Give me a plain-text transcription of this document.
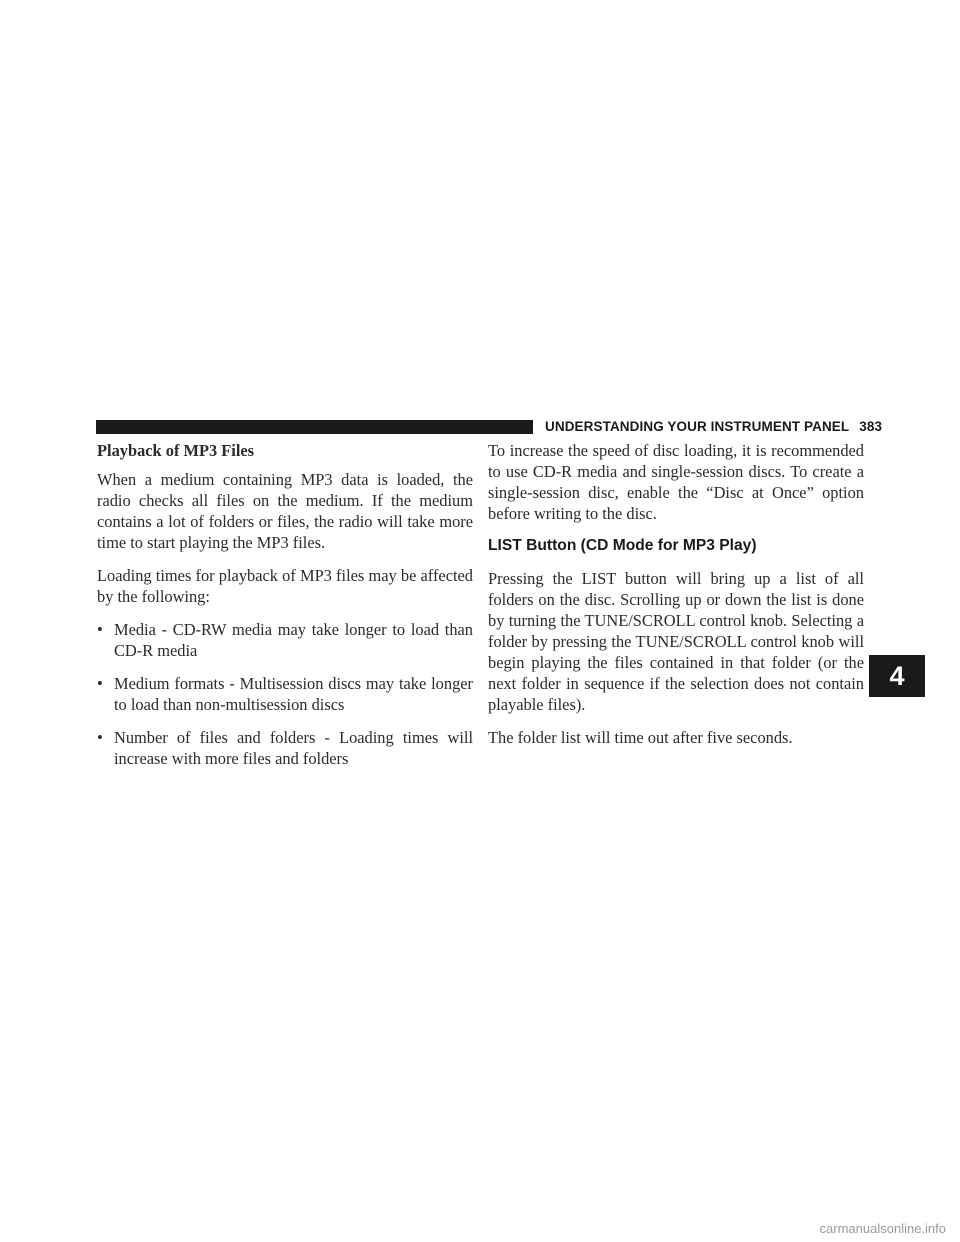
UNDERSTANDING YOUR INSTRUMENT PANEL 383
Playback of MP3 Files

When a medium containing MP3 data is loaded, the radio checks all files on the medium. If the medium contains a lot of folders or files, the radio will take more time to start playing the MP3 files.

Loading times for playback of MP3 files may be affected by the following:

• Media - CD-RW media may take longer to load than CD-R media
• Medium formats - Multisession discs may take longer to load than non-multisession discs
• Number of files and folders - Loading times will increase with more files and folders

To increase the speed of disc loading, it is recommended to use CD-R media and single-session discs. To create a single-session disc, enable the “Disc at Once” option before writing to the disc.

LIST Button (CD Mode for MP3 Play)

Pressing the LIST button will bring up a list of all folders on the disc. Scrolling up or down the list is done by turning the TUNE/SCROLL control knob. Selecting a folder by pressing the TUNE/SCROLL control knob will begin playing the files contained in that folder (or the next folder in sequence if the selection does not contain playable files).

The folder list will time out after five seconds.

4
carmanualsonline.info
